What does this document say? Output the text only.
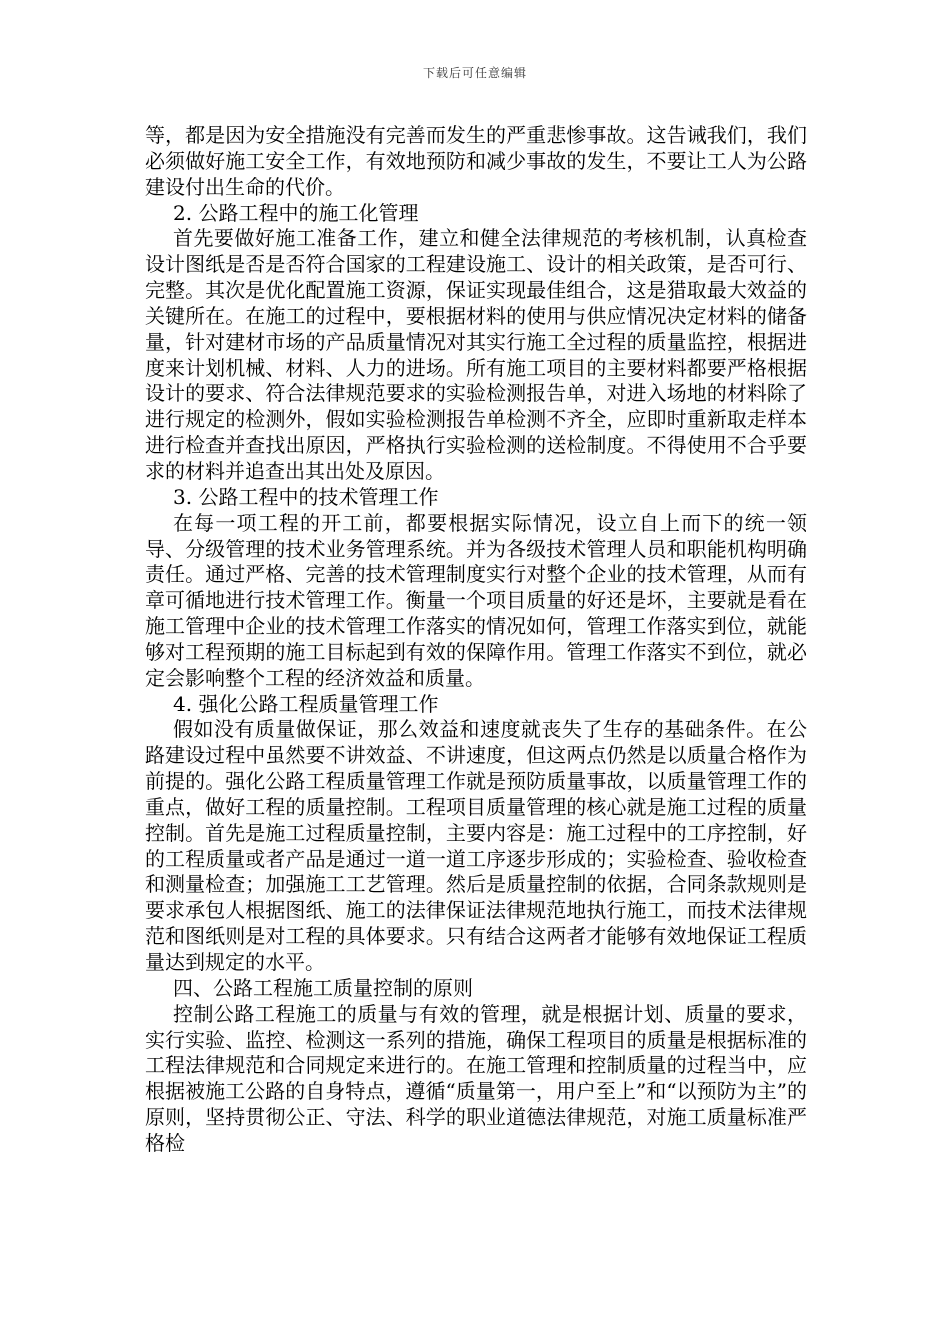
下载后可任意编辑

等，都是因为安全措施没有完善而发生的严重悲惨事故。这告诫我们，我们必须做好施工安全工作，有效地预防和减少事故的发生，不要让工人为公路建设付出生命的代价。

2. 公路工程中的施工化管理

首先要做好施工准备工作，建立和健全法律规范的考核机制，认真检查设计图纸是否是否符合国家的工程建设施工、设计的相关政策，是否可行、完整。其次是优化配置施工资源，保证实现最佳组合，这是猎取最大效益的关键所在。在施工的过程中，要根据材料的使用与供应情况决定材料的储备量，针对建材市场的产品质量情况对其实行施工全过程的质量监控，根据进度来计划机械、材料、人力的进场。所有施工项目的主要材料都要严格根据设计的要求、符合法律规范要求的实验检测报告单，对进入场地的材料除了进行规定的检测外，假如实验检测报告单检测不齐全，应即时重新取走样本进行检查并查找出原因，严格执行实验检测的送检制度。不得使用不合乎要求的材料并追查出其出处及原因。

3. 公路工程中的技术管理工作

在每一项工程的开工前，都要根据实际情况，设立自上而下的统一领导、分级管理的技术业务管理系统。并为各级技术管理人员和职能机构明确责任。通过严格、完善的技术管理制度实行对整个企业的技术管理，从而有章可循地进行技术管理工作。衡量一个项目质量的好还是坏，主要就是看在施工管理中企业的技术管理工作落实的情况如何，管理工作落实到位，就能够对工程预期的施工目标起到有效的保障作用。管理工作落实不到位，就必定会影响整个工程的经济效益和质量。

4. 强化公路工程质量管理工作

假如没有质量做保证，那么效益和速度就丧失了生存的基础条件。在公路建设过程中虽然要不讲效益、不讲速度，但这两点仍然是以质量合格作为前提的。强化公路工程质量管理工作就是预防质量事故，以质量管理工作的重点，做好工程的质量控制。工程项目质量管理的核心就是施工过程的质量控制。首先是施工过程质量控制，主要内容是：施工过程中的工序控制，好的工程质量或者产品是通过一道一道工序逐步形成的；实验检查、验收检查和测量检查；加强施工工艺管理。然后是质量控制的依据，合同条款规则是要求承包人根据图纸、施工的法律保证法律规范地执行施工，而技术法律规范和图纸则是对工程的具体要求。只有结合这两者才能够有效地保证工程质量达到规定的水平。

四、公路工程施工质量控制的原则

控制公路工程施工的质量与有效的管理，就是根据计划、质量的要求，实行实验、监控、检测这一系列的措施，确保工程项目的质量是根据标准的工程法律规范和合同规定来进行的。在施工管理和控制质量的过程当中，应根据被施工公路的自身特点，遵循“质量第一，用户至上”和“以预防为主”的原则，坚持贯彻公正、守法、科学的职业道德法律规范，对施工质量标准严格检
